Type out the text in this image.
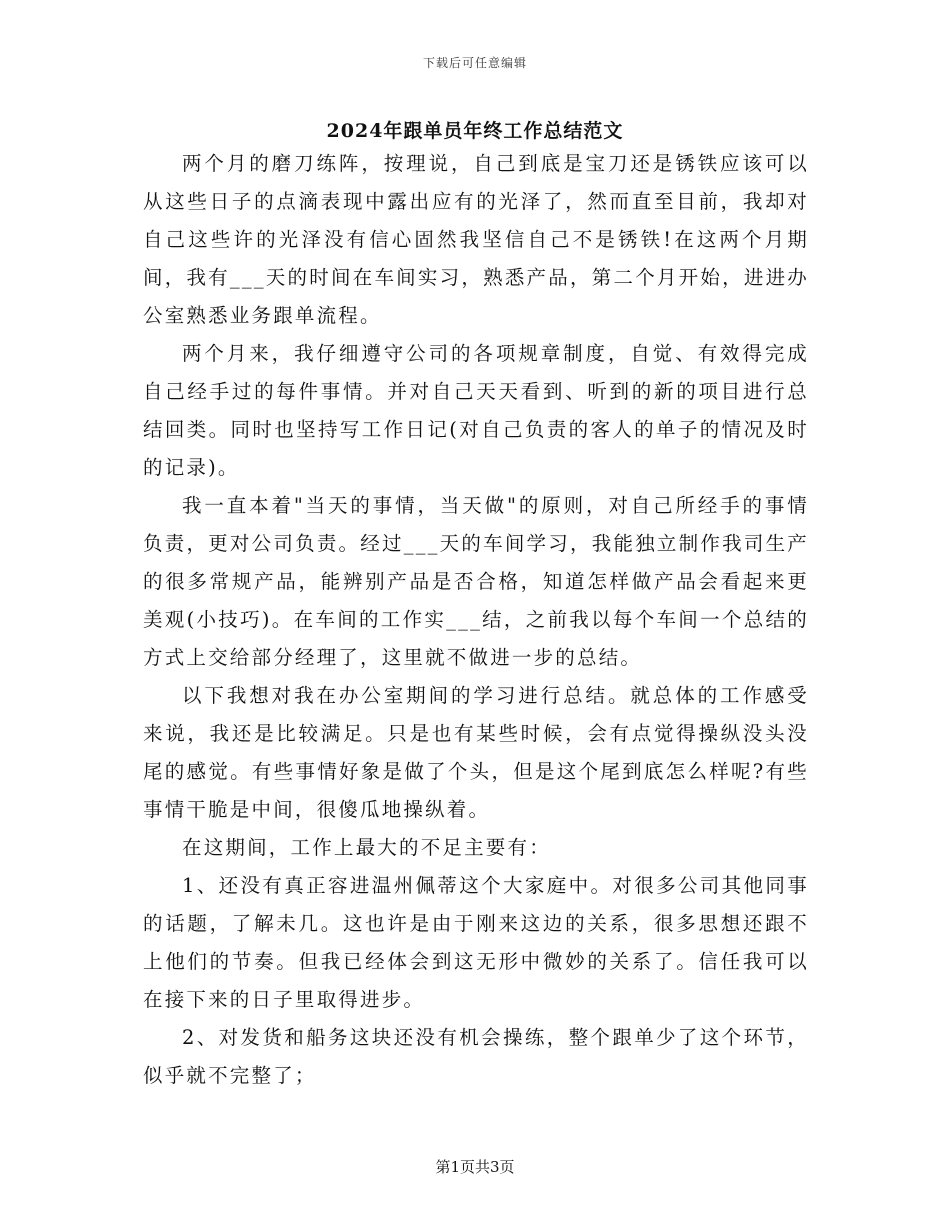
下载后可任意编辑
2024年跟单员年终工作总结范文

两个月的磨刀练阵，按理说，自己到底是宝刀还是锈铁应该可以从这些日子的点滴表现中露出应有的光泽了，然而直至目前，我却对自己这些许的光泽没有信心固然我坚信自己不是锈铁!在这两个月期间，我有___天的时间在车间实习，熟悉产品，第二个月开始，进进办公室熟悉业务跟单流程。

两个月来，我仔细遵守公司的各项规章制度，自觉、有效得完成自己经手过的每件事情。并对自己天天看到、听到的新的项目进行总结回类。同时也坚持写工作日记(对自己负责的客人的单子的情况及时的记录)。

我一直本着"当天的事情，当天做"的原则，对自己所经手的事情负责，更对公司负责。经过___天的车间学习，我能独立制作我司生产的很多常规产品，能辨别产品是否合格，知道怎样做产品会看起来更美观(小技巧)。在车间的工作实___结，之前我以每个车间一个总结的方式上交给部分经理了，这里就不做进一步的总结。

以下我想对我在办公室期间的学习进行总结。就总体的工作感受来说，我还是比较满足。只是也有某些时候，会有点觉得操纵没头没尾的感觉。有些事情好象是做了个头，但是这个尾到底怎么样呢?有些事情干脆是中间，很傻瓜地操纵着。

在这期间，工作上最大的不足主要有：

1、还没有真正容进温州佩蒂这个大家庭中。对很多公司其他同事的话题，了解未几。这也许是由于刚来这边的关系，很多思想还跟不上他们的节奏。但我已经体会到这无形中微妙的关系了。信任我可以在接下来的日子里取得进步。

2、对发货和船务这块还没有机会操练，整个跟单少了这个环节，似乎就不完整了；

第1页共3页
